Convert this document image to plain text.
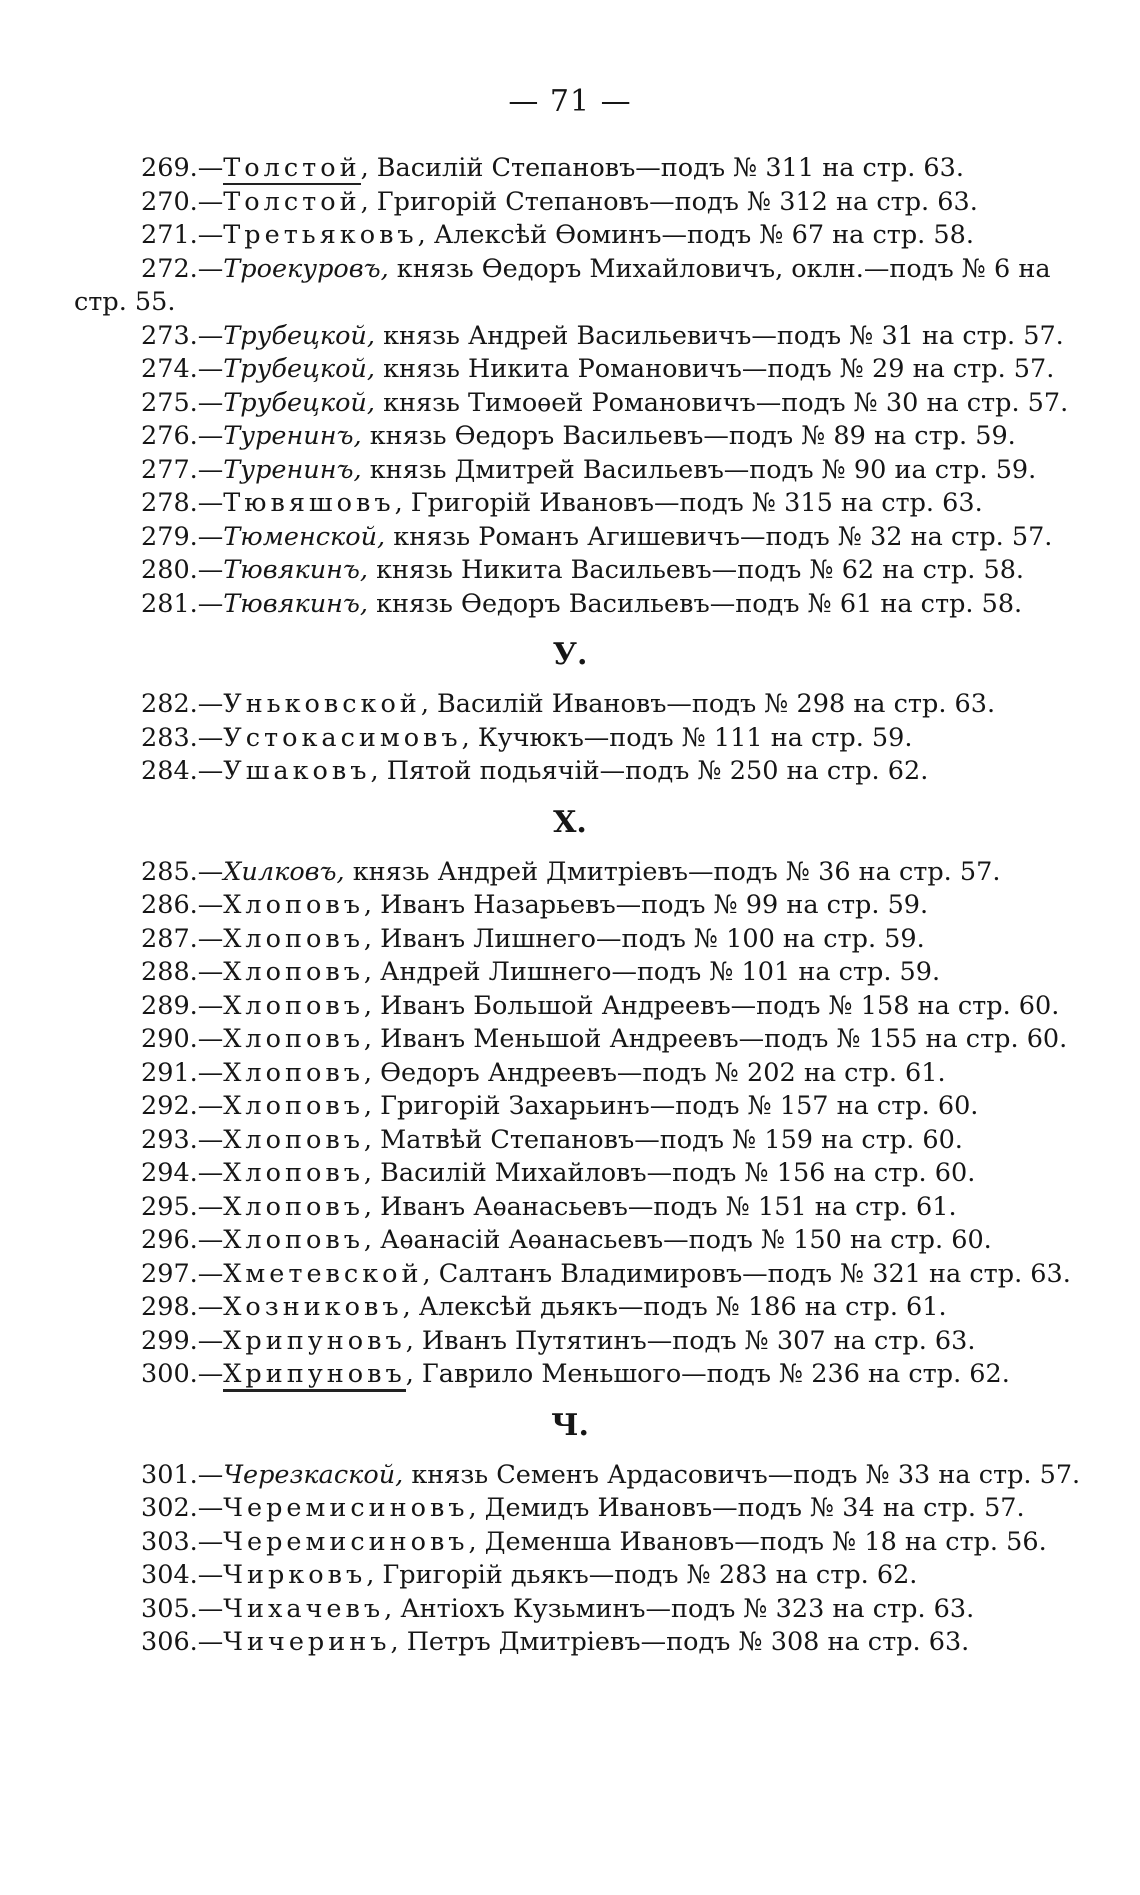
— 71 —
269.—Толстой, Василій Степановъ—подъ № 311 на стр. 63.
270.—Толстой, Григорій Степановъ—подъ № 312 на стр. 63.
271.—Третьяковъ, Алексѣй Ѳоминъ—подъ № 67 на стр. 58.
272.—Троекуровъ, князь Ѳедоръ Михайловичъ, оклн.—подъ № 6 на
стр. 55.
273.—Трубецкой, князь Андрей Васильевичъ—подъ № 31 на стр. 57.
274.—Трубецкой, князь Никита Романовичъ—подъ № 29 на стр. 57.
275.—Трубецкой, князь Тимоѳей Романовичъ—подъ № 30 на стр. 57.
276.—Туренинъ, князь Ѳедоръ Васильевъ—подъ № 89 на стр. 59.
277.—Туренинъ, князь Дмитрей Васильевъ—подъ № 90 иа стр. 59.
278.—Тювяшовъ, Григорій Ивановъ—подъ № 315 на стр. 63.
279.—Тюменской, князь Романъ Агишевичъ—подъ № 32 на стр. 57.
280.—Тювякинъ, князь Никита Васильевъ—подъ № 62 на стр. 58.
281.—Тювякинъ, князь Ѳедоръ Васильевъ—подъ № 61 на стр. 58.
У.
282.—Уньковской, Василій Ивановъ—подъ № 298 на стр. 63.
283.—Устокасимовъ, Кучюкъ—подъ № 111 на стр. 59.
284.—Ушаковъ, Пятой подьячій—подъ № 250 на стр. 62.
Х.
285.—Хилковъ, князь Андрей Дмитріевъ—подъ № 36 на стр. 57.
286.—Хлоповъ, Иванъ Назарьевъ—подъ № 99 на стр. 59.
287.—Хлоповъ, Иванъ Лишнего—подъ № 100 на стр. 59.
288.—Хлоповъ, Андрей Лишнего—подъ № 101 на стр. 59.
289.—Хлоповъ, Иванъ Большой Андреевъ—подъ № 158 на стр. 60.
290.—Хлоповъ, Иванъ Меньшой Андреевъ—подъ № 155 на стр. 60.
291.—Хлоповъ, Ѳедоръ Андреевъ—подъ № 202 на стр. 61.
292.—Хлоповъ, Григорій Захарьинъ—подъ № 157 на стр. 60.
293.—Хлоповъ, Матвѣй Степановъ—подъ № 159 на стр. 60.
294.—Хлоповъ, Василій Михайловъ—подъ № 156 на стр. 60.
295.—Хлоповъ, Иванъ Аѳанасьевъ—подъ № 151 на стр. 61.
296.—Хлоповъ, Аѳанасій Аѳанасьевъ—подъ № 150 на стр. 60.
297.—Хметевской, Салтанъ Владимировъ—подъ № 321 на стр. 63.
298.—Хозниковъ, Алексѣй дьякъ—подъ № 186 на стр. 61.
299.—Хрипуновъ, Иванъ Путятинъ—подъ № 307 на стр. 63.
300.—Хрипуновъ, Гаврило Меньшого—подъ № 236 на стр. 62.
Ч.
301.—Черезкаской, князь Семенъ Ардасовичъ—подъ № 33 на стр. 57.
302.—Черемисиновъ, Демидъ Ивановъ—подъ № 34 на стр. 57.
303.—Черемисиновъ, Деменша Ивановъ—подъ № 18 на стр. 56.
304.—Чирковъ, Григорій дьякъ—подъ № 283 на стр. 62.
305.—Чихачевъ, Антіохъ Кузьминъ—подъ № 323 на стр. 63.
306.—Чичеринъ, Петръ Дмитріевъ—подъ № 308 на стр. 63.
